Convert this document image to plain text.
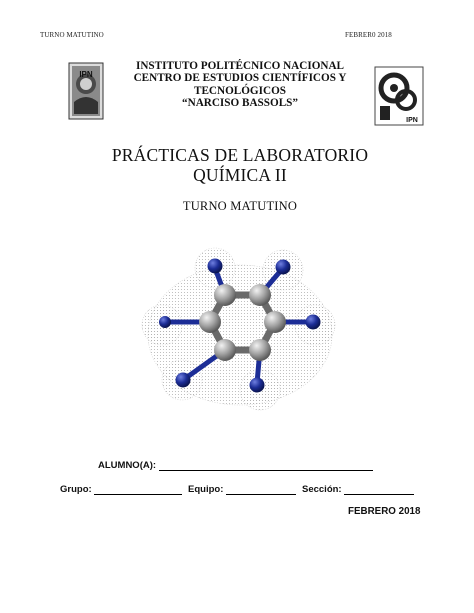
TURNO MATUTINO	FEBRER0 2018
IPN
IPN
INSTITUTO POLITÉCNICO NACIONAL
CENTRO DE ESTUDIOS CIENTÍFICOS Y
TECNOLÓGICOS
“NARCISO BASSOLS”
PRÁCTICAS DE LABORATORIO
QUÍMICA II
TURNO MATUTINO
ALUMNO(A):
Grupo:	Equipo:	Sección:
FEBRERO 2018
